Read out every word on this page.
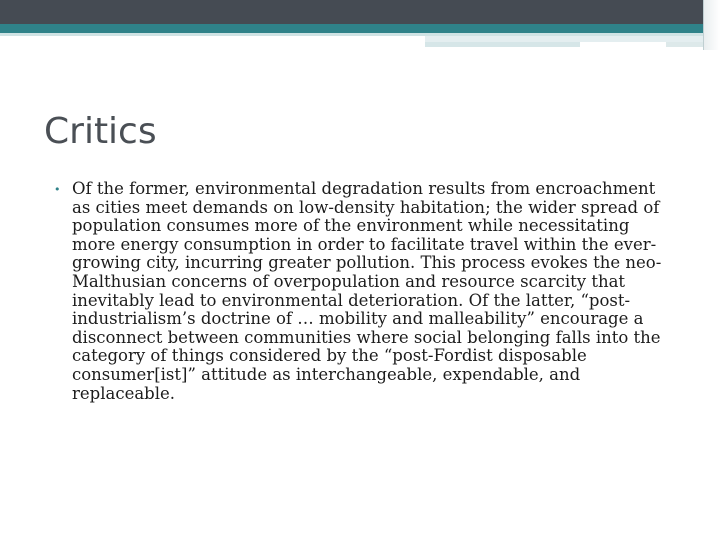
Critics
• Of the former, environmental degradation results from encroachment as cities meet demands on low-density habitation; the wider spread of population consumes more of the environment while necessitating more energy consumption in order to facilitate travel within the ever-growing city, incurring greater pollution. This process evokes the neo-Malthusian concerns of overpopulation and resource scarcity that inevitably lead to environmental deterioration. Of the latter, “post-industrialism’s doctrine of … mobility and malleability” encourage a disconnect between communities where social belonging falls into the category of things considered by the “post-Fordist disposable consumer[ist]” attitude as interchangeable, expendable, and replaceable.
